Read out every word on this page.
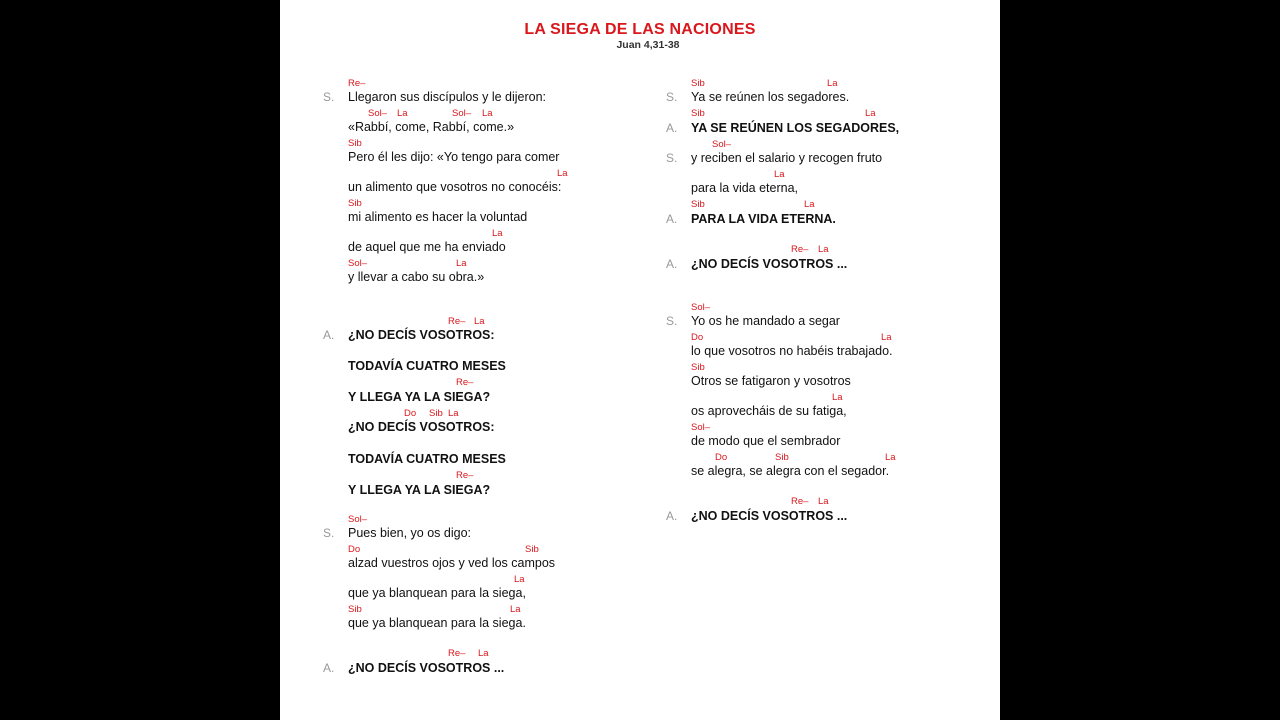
LA SIEGA DE LAS NACIONES
Juan 4,31-38
Re–
S. Llegaron sus discípulos y le dijeron:
Sol– La	Sol– La
«Rabbí, come, Rabbí, come.»
Sib
Pero él les dijo: «Yo tengo para comer
La
un alimento que vosotros no conocéis:
Sib
mi alimento es hacer la voluntad
La
de aquel que me ha enviado
Sol–	La
y llevar a cabo su obra.»
Re– La
A. ¿NO DECÍS VOSOTROS:
TODAVÍA CUATRO MESES
Re–
Y LLEGA YA LA SIEGA?
Do Sib La
¿NO DECÍS VOSOTROS:
TODAVÍA CUATRO MESES
Re–
Y LLEGA YA LA SIEGA?
Sol–
S. Pues bien, yo os digo:
Do	Sib
alzad vuestros ojos y ved los campos
La
que ya blanquean para la siega,
Sib	La
que ya blanquean para la siega.
Re– La
A. ¿NO DECÍS VOSOTROS ...
Sib	La
S. Ya se reúnen los segadores.
Sib	La
A. YA SE REÚNEN LOS SEGADORES,
Sol–
S. y reciben el salario y recogen fruto
La
para la vida eterna,
Sib	La
A. PARA LA VIDA ETERNA.
Re– La
A. ¿NO DECÍS VOSOTROS ...
Sol–
S. Yo os he mandado a segar
Do	La
lo que vosotros no habéis trabajado.
Sib
Otros se fatigaron y vosotros
La
os aprovecháis de su fatiga,
Sol–
de modo que el sembrador
Do	Sib	La
se alegra, se alegra con el segador.
Re– La
A. ¿NO DECÍS VOSOTROS ...
